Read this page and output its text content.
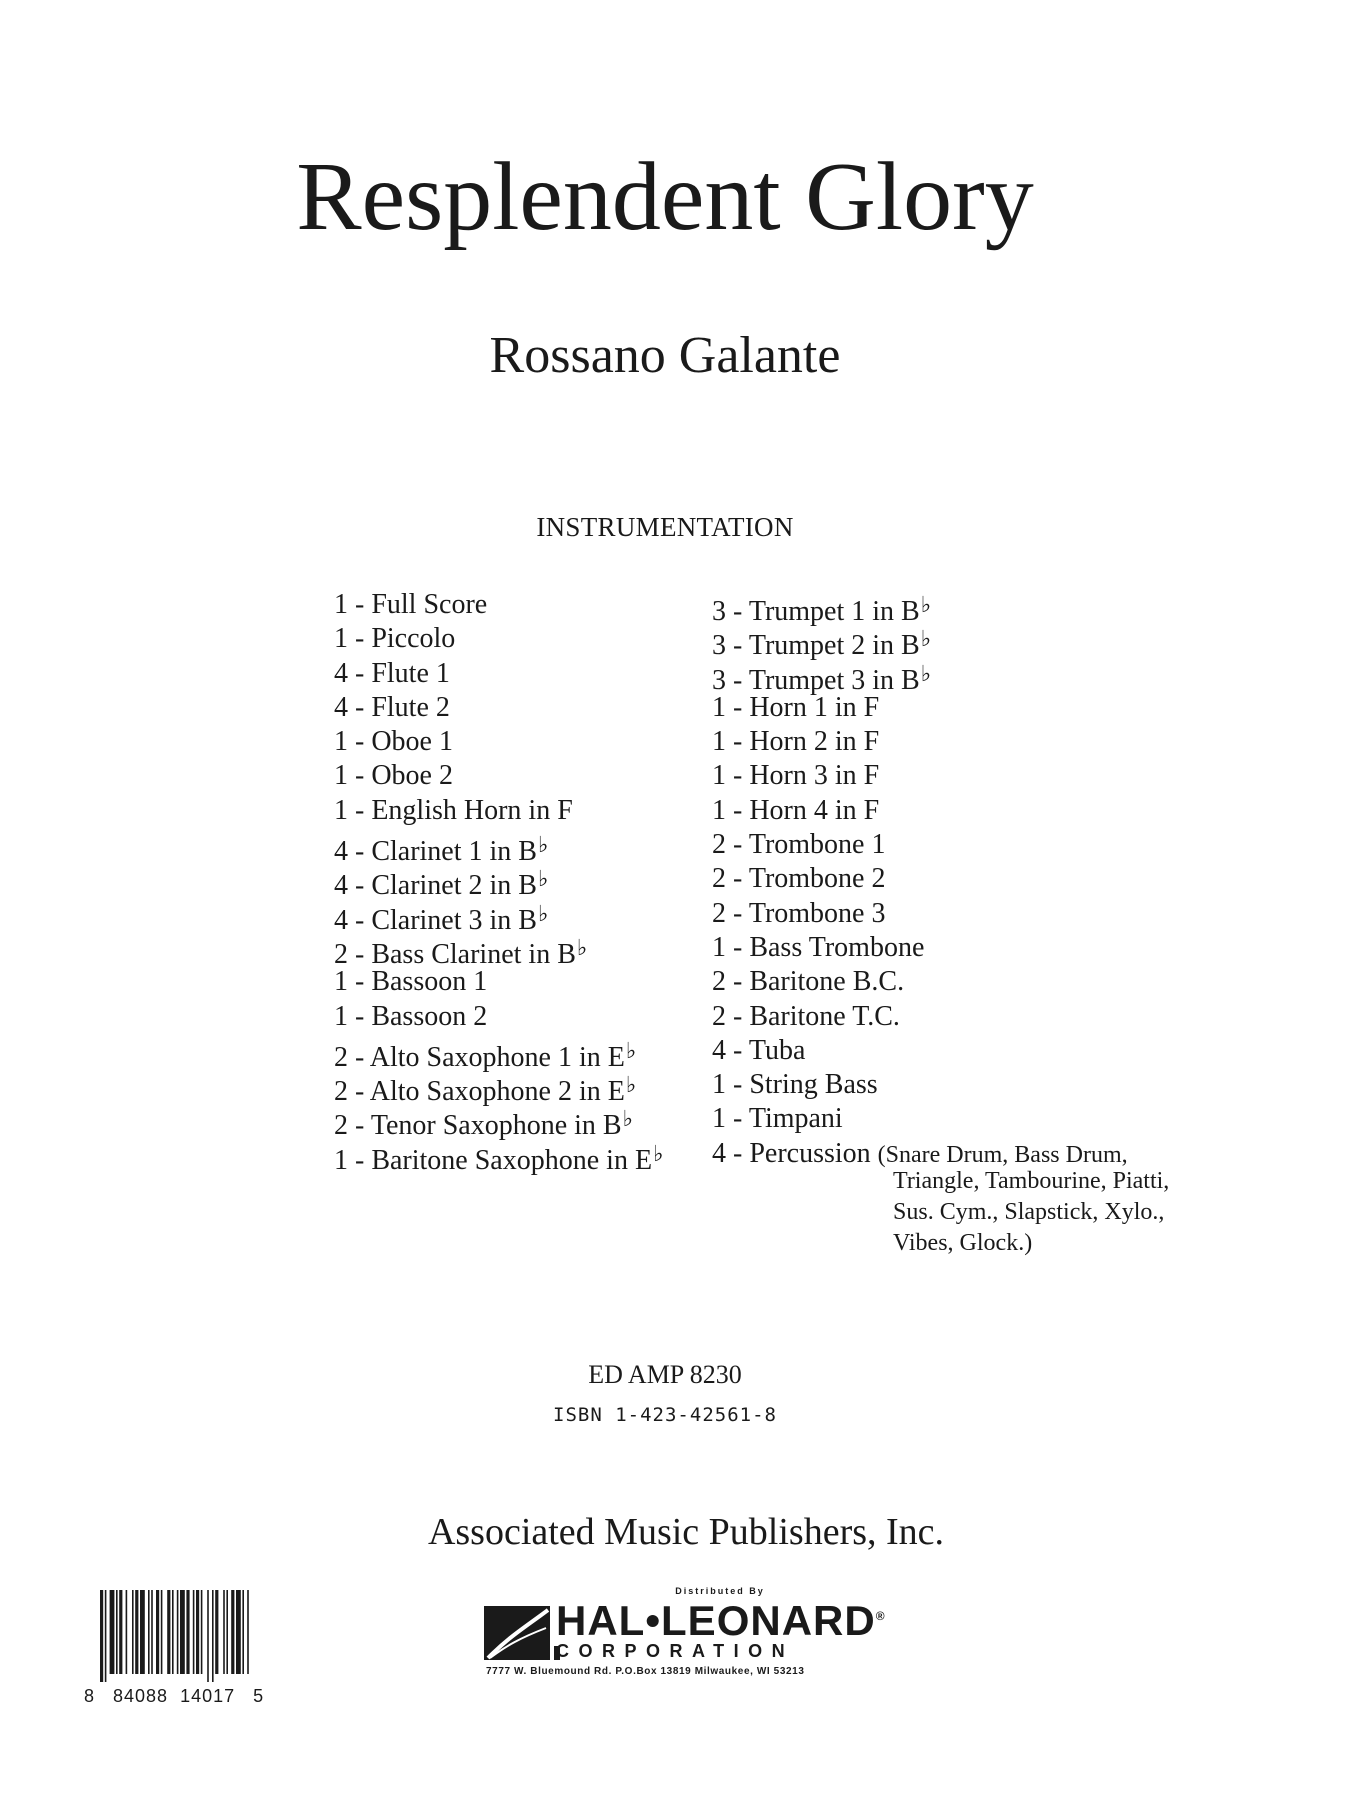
Resplendent Glory
Rossano Galante
INSTRUMENTATION
1 - Full Score
1 - Piccolo
4 - Flute 1
4 - Flute 2
1 - Oboe 1
1 - Oboe 2
1 - English Horn in F
4 - Clarinet 1 in B♭
4 - Clarinet 2 in B♭
4 - Clarinet 3 in B♭
2 - Bass Clarinet in B♭
1 - Bassoon 1
1 - Bassoon 2
2 - Alto Saxophone 1 in E♭
2 - Alto Saxophone 2 in E♭
2 - Tenor Saxophone in B♭
1 - Baritone Saxophone in E♭
3 - Trumpet 1 in B♭
3 - Trumpet 2 in B♭
3 - Trumpet 3 in B♭
1 - Horn 1 in F
1 - Horn 2 in F
1 - Horn 3 in F
1 - Horn 4 in F
2 - Trombone 1
2 - Trombone 2
2 - Trombone 3
1 - Bass Trombone
2 - Baritone B.C.
2 - Baritone T.C.
4 - Tuba
1 - String Bass
1 - Timpani
4 - Percussion (Snare Drum, Bass Drum,
Triangle, Tambourine, Piatti,
Sus. Cym., Slapstick, Xylo.,
Vibes, Glock.)
ED AMP 8230
ISBN 1-423-42561-8
Associated Music Publishers, Inc.
8   84088  14017   5
Distributed By
HAL•LEONARD®
CORPORATION
7777 W. Bluemound Rd. P.O.Box 13819 Milwaukee, WI 53213
